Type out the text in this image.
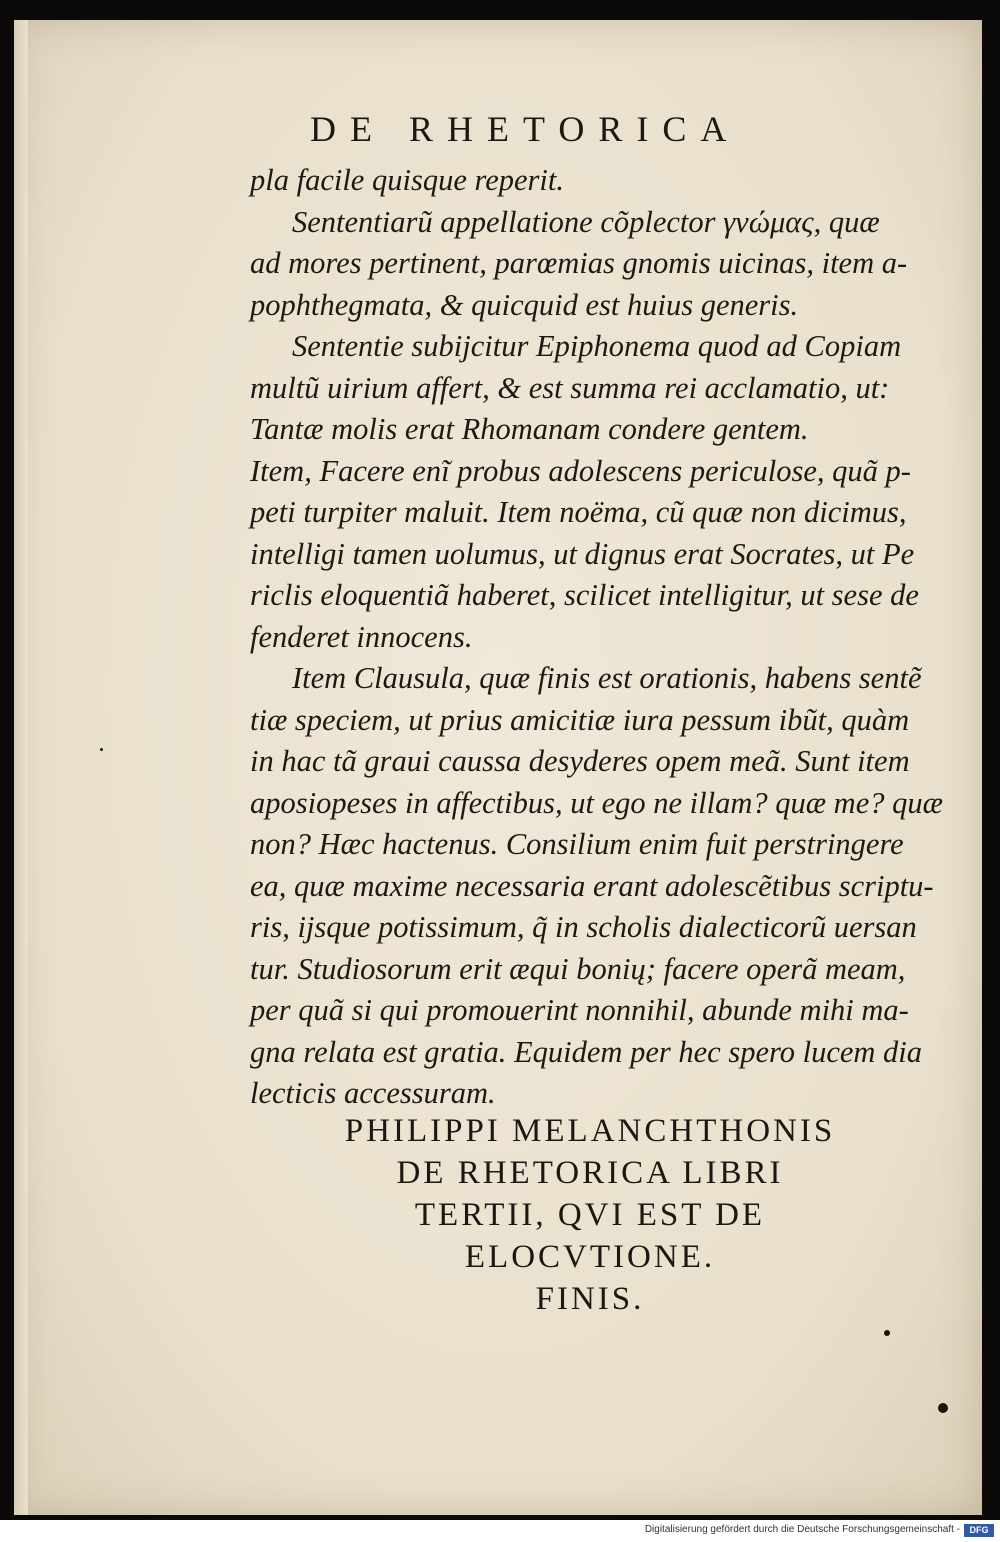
DE RHETORICA
pla facile quisque reperit.
Sententiarũ appellatione cõplector γνώμας, quæ
ad mores pertinent, parœmias gnomis uicinas, item a-
pophthegmata, & quicquid est huius generis.
Sententie subijcitur Epiphonema quod ad Copiam
multũ uirium affert, & est summa rei acclamatio, ut:
Tantæ molis erat Rhomanam condere gentem.
Item, Facere enĩ probus adolescens periculose, quã p-
peti turpiter maluit. Item noëma, cũ quæ non dicimus,
intelligi tamen uolumus, ut dignus erat Socrates, ut Pe
riclis eloquentiã haberet, scilicet intelligitur, ut sese de
fenderet innocens.
Item Clausula, quæ finis est orationis, habens sentẽ
tiæ speciem, ut prius amicitiæ iura pessum ibũt, quàm
in hac tã graui caussa desyderes opem meã. Sunt item
aposiopeses in affectibus, ut ego ne illam? quæ me? quæ
non? Hæc hactenus. Consilium enim fuit perstringere
ea, quæ maxime necessaria erant adolescẽtibus scriptu-
ris, ijsque potissimum, q̃ in scholis dialecticorũ uersan
tur. Studiosorum erit æqui bonių; facere operã meam,
per quã si qui promouerint nonnihil, abunde mihi ma-
gna relata est gratia. Equidem per hec spero lucem dia
lecticis accessuram.
PHILIPPI MELANCHTHONIS
DE RHETORICA LIBRI
TERTII, QVI EST DE
ELOCVTIONE.
FINIS.
Digitalisierung gefördert durch die Deutsche Forschungsgemeinschaft -	DFG
